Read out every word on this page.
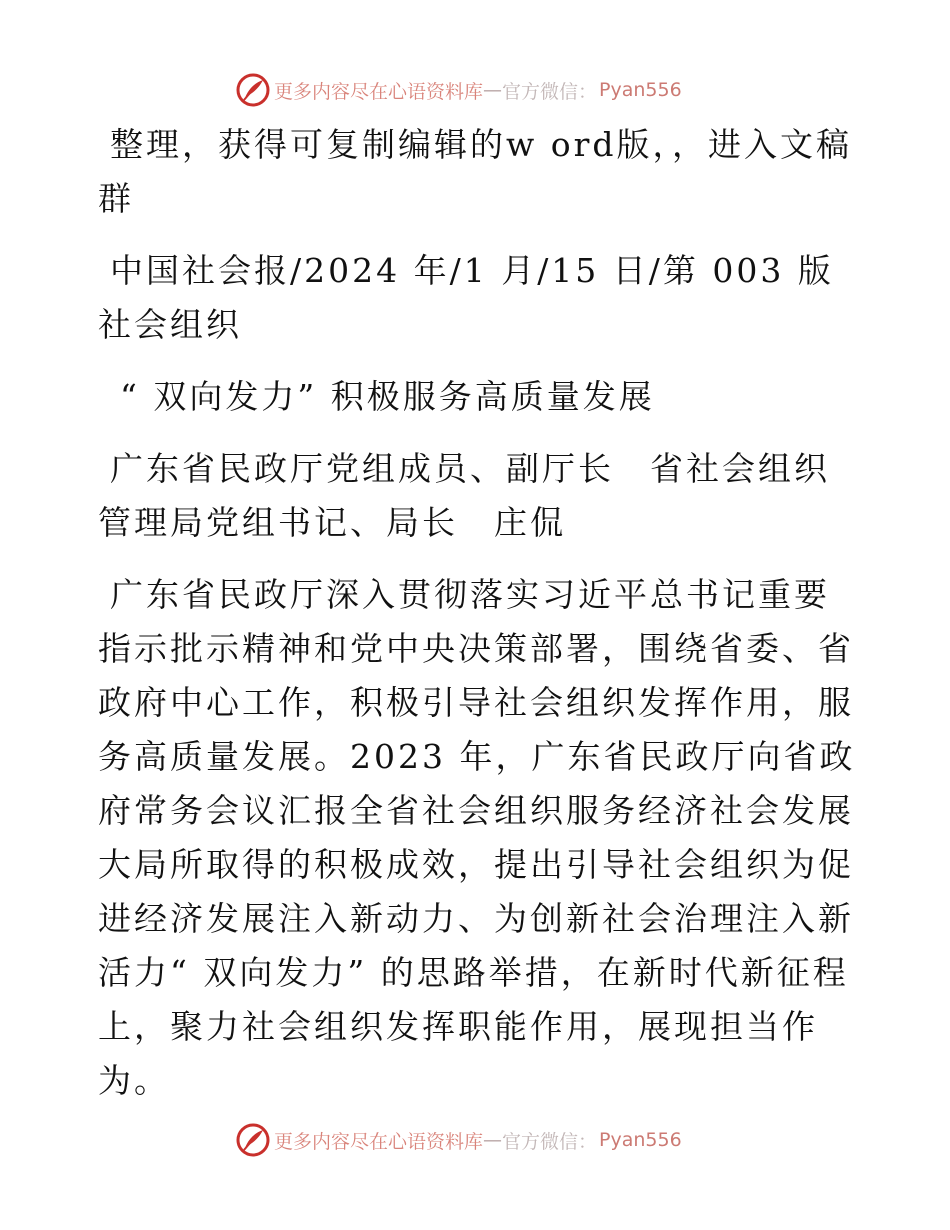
更多内容尽在心语资料库 — 官方微信： Pyan556

整理，获得可复制编辑的w ord版，，进入文稿群

中国社会报/2024 年/1 月/15 日/第 003 版社会组织

“ 双向发力” 积极服务高质量发展

广东省民政厅党组成员、副厅长　省社会组织管理局党组书记、局长　庄侃

广东省民政厅深入贯彻落实习近平总书记重要指示批示精神和党中央决策部署，围绕省委、省政府中心工作，积极引导社会组织发挥作用，服务高质量发展。2023 年，广东省民政厅向省政府常务会议汇报全省社会组织服务经济社会发展大局所取得的积极成效，提出引导社会组织为促进经济发展注入新动力、为创新社会治理注入新活力“ 双向发力” 的思路举措，在新时代新征程上，聚力社会组织发挥职能作用，展现担当作为。

更多内容尽在心语资料库 — 官方微信： Pyan556
